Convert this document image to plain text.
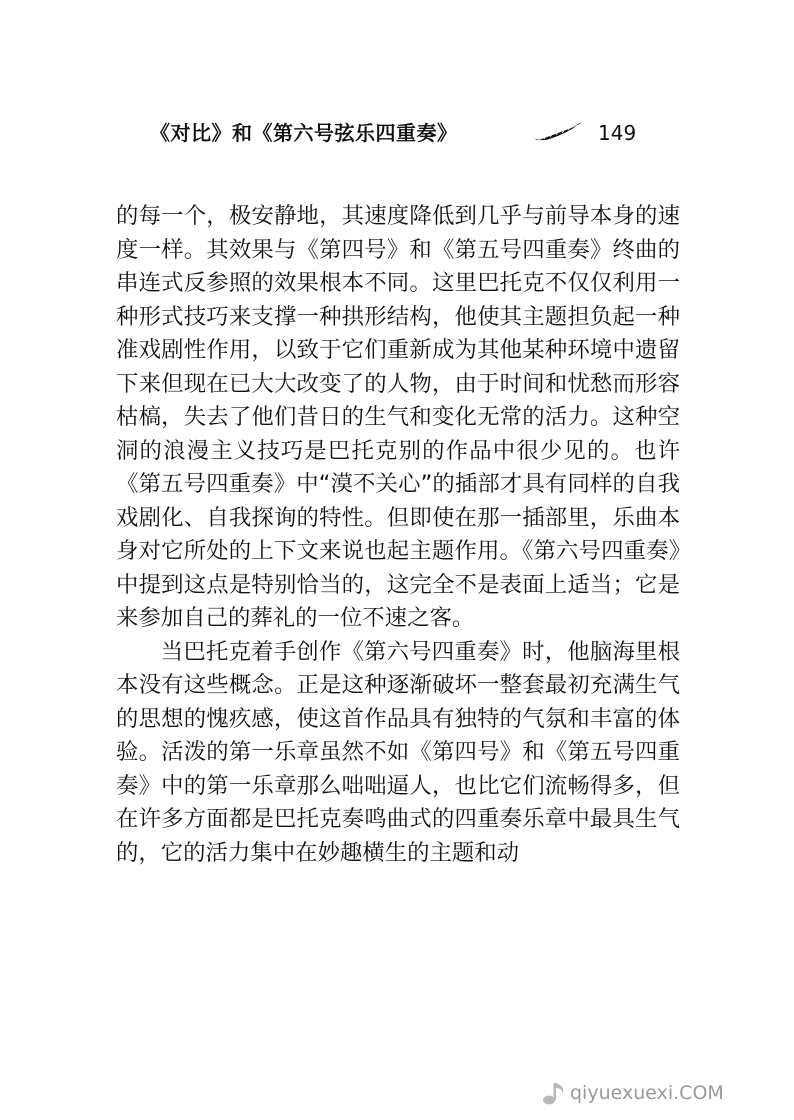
《对比》和《第六号弦乐四重奏》	149

的每一个，极安静地，其速度降低到几乎与前导本身的速度一样。其效果与《第四号》和《第五号四重奏》终曲的串连式反参照的效果根本不同。这里巴托克不仅仅利用一种形式技巧来支撑一种拱形结构，他使其主题担负起一种准戏剧性作用，以致于它们重新成为其他某种环境中遗留下来但现在已大大改变了的人物，由于时间和忧愁而形容枯槁，失去了他们昔日的生气和变化无常的活力。这种空洞的浪漫主义技巧是巴托克别的作品中很少见的。也许《第五号四重奏》中“漠不关心”的插部才具有同样的自我戏剧化、自我探询的特性。但即使在那一插部里，乐曲本身对它所处的上下文来说也起主题作用。《第六号四重奏》中提到这点是特别恰当的，这完全不是表面上适当；它是来参加自己的葬礼的一位不速之客。

当巴托克着手创作《第六号四重奏》时，他脑海里根本没有这些概念。正是这种逐渐破坏一整套最初充满生气的思想的愧疚感，使这首作品具有独特的气氛和丰富的体验。活泼的第一乐章虽然不如《第四号》和《第五号四重奏》中的第一乐章那么咄咄逼人，也比它们流畅得多，但在许多方面都是巴托克奏鸣曲式的四重奏乐章中最具生气的，它的活力集中在妙趣横生的主题和动

qiyuexuexi.COM
